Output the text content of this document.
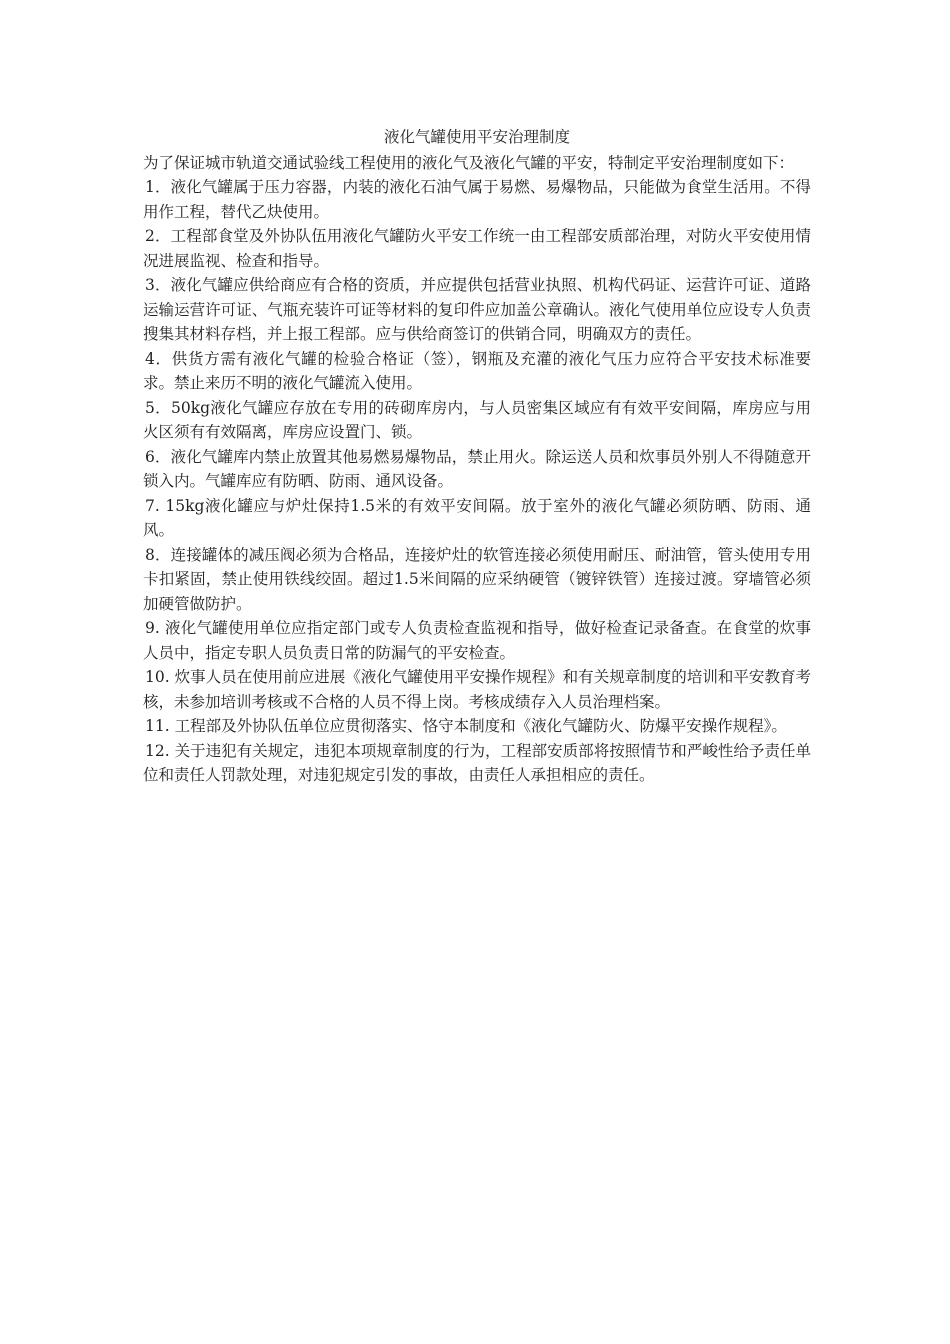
液化气罐使用平安治理制度

为了保证城市轨道交通试验线工程使用的液化气及液化气罐的平安，特制定平安治理制度如下：

1．液化气罐属于压力容器，内装的液化石油气属于易燃、易爆物品，只能做为食堂生活用。不得用作工程，替代乙炔使用。

2．工程部食堂及外协队伍用液化气罐防火平安工作统一由工程部安质部治理，对防火平安使用情况进展监视、检查和指导。

3．液化气罐应供给商应有合格的资质，并应提供包括营业执照、机构代码证、运营许可证、道路运输运营许可证、气瓶充装许可证等材料的复印件应加盖公章确认。液化气使用单位应设专人负责搜集其材料存档，并上报工程部。应与供给商签订的供销合同，明确双方的责任。

4．供货方需有液化气罐的检验合格证（签），钢瓶及充灌的液化气压力应符合平安技术标准要求。禁止来历不明的液化气罐流入使用。

5．50kg液化气罐应存放在专用的砖砌库房内，与人员密集区域应有有效平安间隔，库房应与用火区须有有效隔离，库房应设置门、锁。

6．液化气罐库内禁止放置其他易燃易爆物品，禁止用火。除运送人员和炊事员外别人不得随意开锁入内。气罐库应有防晒、防雨、通风设备。

7. 15kg液化罐应与炉灶保持1.5米的有效平安间隔。放于室外的液化气罐必须防晒、防雨、通风。

8．连接罐体的减压阀必须为合格品，连接炉灶的软管连接必须使用耐压、耐油管，管头使用专用卡扣紧固，禁止使用铁线绞固。超过1.5米间隔的应采纳硬管（镀锌铁管）连接过渡。穿墙管必须加硬管做防护。

9. 液化气罐使用单位应指定部门或专人负责检查监视和指导，做好检查记录备查。在食堂的炊事人员中，指定专职人员负责日常的防漏气的平安检查。

10. 炊事人员在使用前应进展《液化气罐使用平安操作规程》和有关规章制度的培训和平安教育考核，未参加培训考核或不合格的人员不得上岗。考核成绩存入人员治理档案。

11. 工程部及外协队伍单位应贯彻落实、恪守本制度和《液化气罐防火、防爆平安操作规程》。

12. 关于违犯有关规定，违犯本项规章制度的行为，工程部安质部将按照情节和严峻性给予责任单位和责任人罚款处理，对违犯规定引发的事故，由责任人承担相应的责任。
